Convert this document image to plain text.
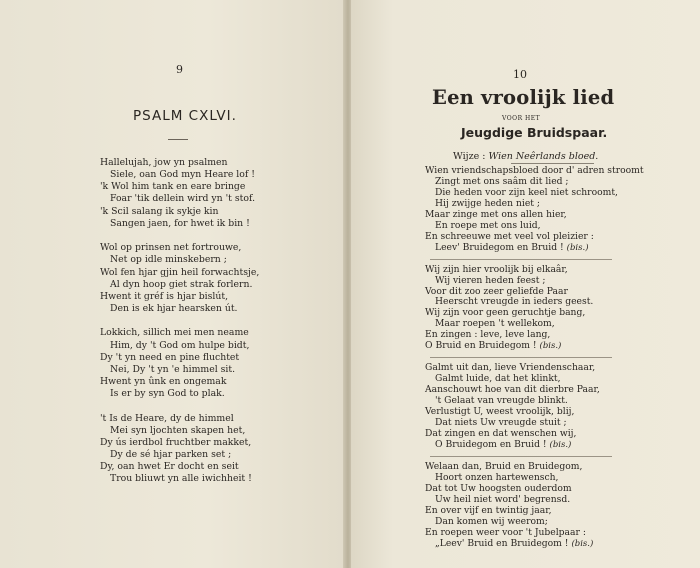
9
PSALM CXLVI.
Hallelujah, jow yn psalmen
Siele, oan God myn Heare lof !
'k Wol him tank en eare bringe
Foar 'tik dellein wird yn 't stof.
'k Scil salang ik sykje kin
Sangen jaen, for hwet ik bin !
Wol op prinsen net fortrouwe,
Net op idle minskebern ;
Wol fen hjar gjin heil forwachtsje,
Al dyn hoop giet strak forlern.
Hwent it gréf is hjar bislút,
Den is ek hjar hearsken út.
Lokkich, sillich mei men neame
Him, dy 't God om hulpe bidt,
Dy 't yn need en pine fluchtet
Nei, Dy 't yn 'e himmel sit.
Hwent yn ûnk en ongemak
Is er by syn God to plak.
't Is de Heare, dy de himmel
Mei syn ljochten skapen het,
Dy ús ierdbol fruchtber makket,
Dy de sé hjar parken set ;
Dy, oan hwet Er docht en seit
Trou bliuwt yn alle iwichheit !
10
Een vroolijk lied
VOOR HET
Jeugdige Bruidspaar.
Wijze : Wien Neêrlands bloed.
Wien vriendschapsbloed door d' adren stroomt
Zingt met ons saâm dit lied ;
Die heden voor zijn keel niet schroomt,
Hij zwijge heden niet ;
Maar zinge met ons allen hier,
En roepe met ons luid,
En schreeuwe met veel vol pleizier :
Leev' Bruidegom en Bruid ! (bis.)
Wij zijn hier vroolijk bij elkaâr,
Wij vieren heden feest ;
Voor dit zoo zeer geliefde Paar
Heerscht vreugde in ieders geest.
Wij zijn voor geen geruchtje bang,
Maar roepen 't wellekom,
En zingen : leve, leve lang,
O Bruid en Bruidegom ! (bis.)
Galmt uit dan, lieve Vriendenschaar,
Galmt luide, dat het klinkt,
Aanschouwt hoe van dit dierbre Paar,
't Gelaat van vreugde blinkt.
Verlustigt U, weest vroolijk, blij,
Dat niets Uw vreugde stuit ;
Dat zingen en dat wenschen wij,
O Bruidegom en Bruid ! (bis.)
Welaan dan, Bruid en Bruidegom,
Hoort onzen hartewensch,
Dat tot Uw hoogsten ouderdom
Uw heil niet word' begrensd.
En over vijf en twintig jaar,
Dan komen wij weerom;
En roepen weer voor 't Jubelpaar :
„Leev' Bruid en Bruidegom ! (bis.)
